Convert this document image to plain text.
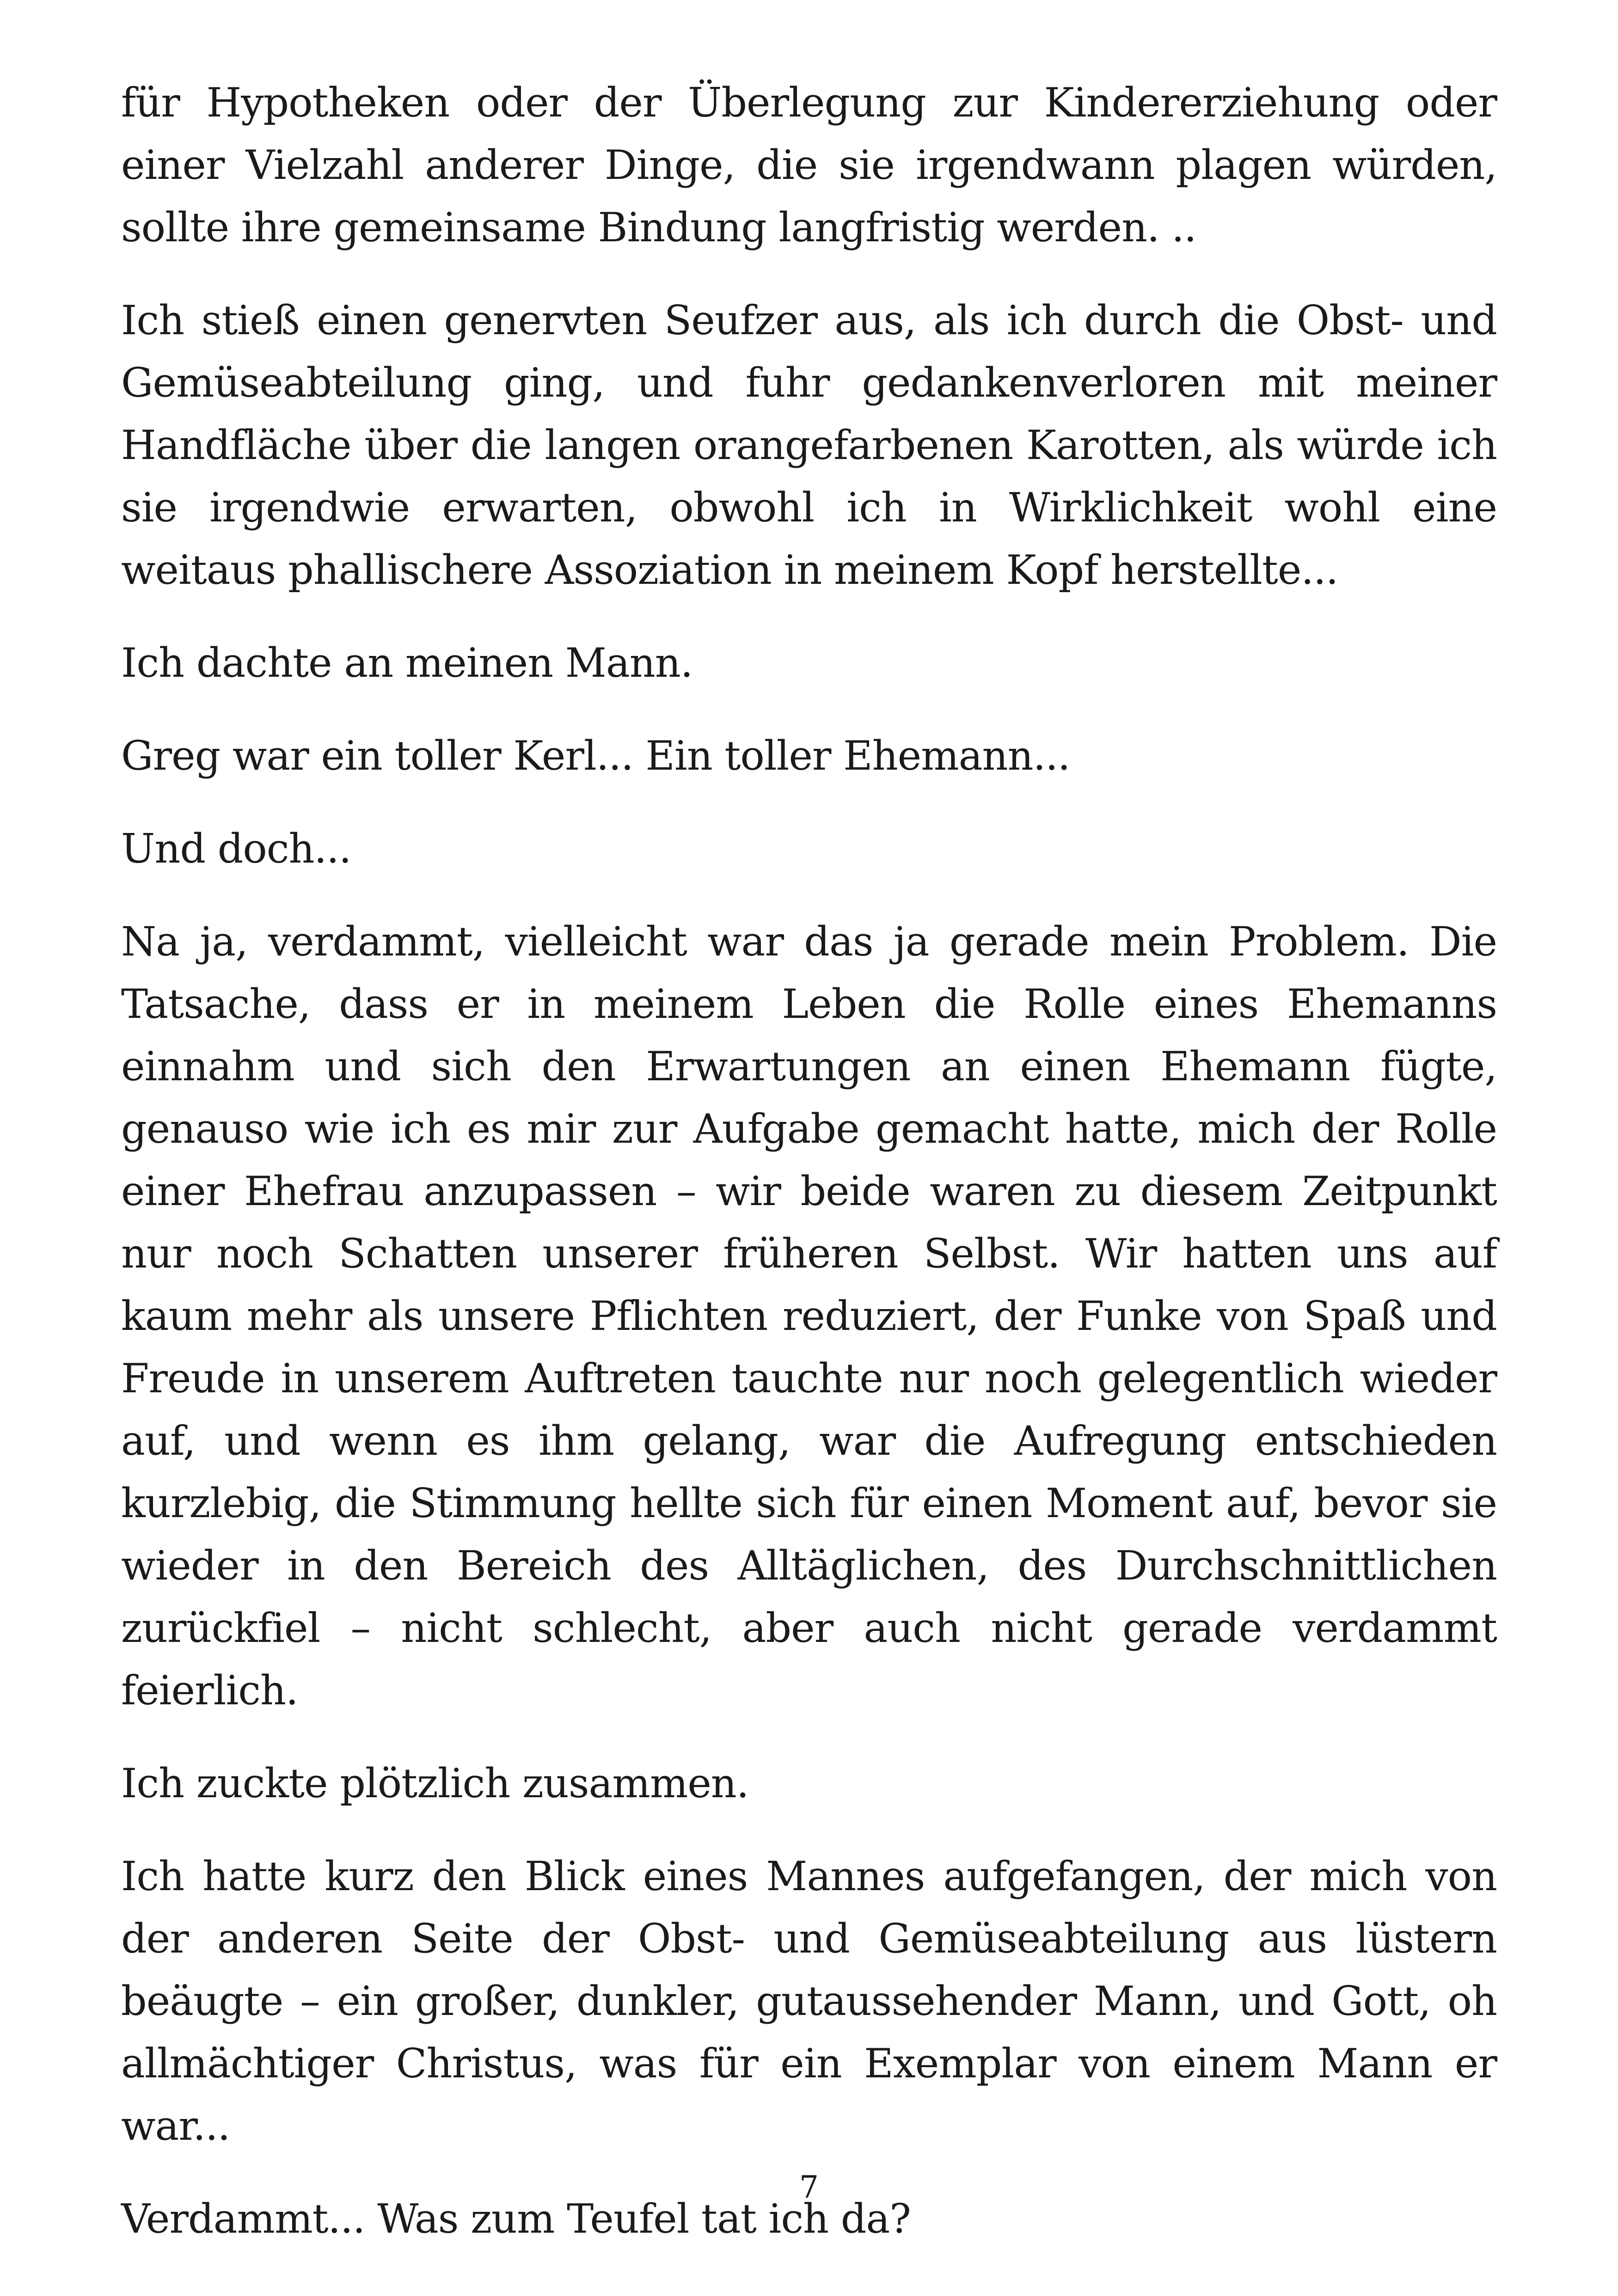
für Hypotheken oder der Überlegung zur Kindererziehung oder einer Vielzahl anderer Dinge, die sie irgendwann plagen würden, sollte ihre gemeinsame Bindung langfristig werden. ..

Ich stieß einen genervten Seufzer aus, als ich durch die Obst- und Gemüseabteilung ging, und fuhr gedankenverloren mit meiner Handfläche über die langen orangefarbenen Karotten, als würde ich sie irgendwie erwarten, obwohl ich in Wirklichkeit wohl eine weitaus phallischere Assoziation in meinem Kopf herstellte...

Ich dachte an meinen Mann.

Greg war ein toller Kerl... Ein toller Ehemann...

Und doch...

Na ja, verdammt, vielleicht war das ja gerade mein Problem. Die Tatsache, dass er in meinem Leben die Rolle eines Ehemanns einnahm und sich den Erwartungen an einen Ehemann fügte, genauso wie ich es mir zur Aufgabe gemacht hatte, mich der Rolle einer Ehefrau anzupassen – wir beide waren zu diesem Zeitpunkt nur noch Schatten unserer früheren Selbst. Wir hatten uns auf kaum mehr als unsere Pflichten reduziert, der Funke von Spaß und Freude in unserem Auftreten tauchte nur noch gelegentlich wieder auf, und wenn es ihm gelang, war die Aufregung entschieden kurzlebig, die Stimmung hellte sich für einen Moment auf, bevor sie wieder in den Bereich des Alltäglichen, des Durchschnittlichen zurückfiel – nicht schlecht, aber auch nicht gerade verdammt feierlich.

Ich zuckte plötzlich zusammen.

Ich hatte kurz den Blick eines Mannes aufgefangen, der mich von der anderen Seite der Obst- und Gemüseabteilung aus lüstern beäugte – ein großer, dunkler, gutaussehender Mann, und Gott, oh allmächtiger Christus, was für ein Exemplar von einem Mann er war...

Verdammt... Was zum Teufel tat ich da?

7
